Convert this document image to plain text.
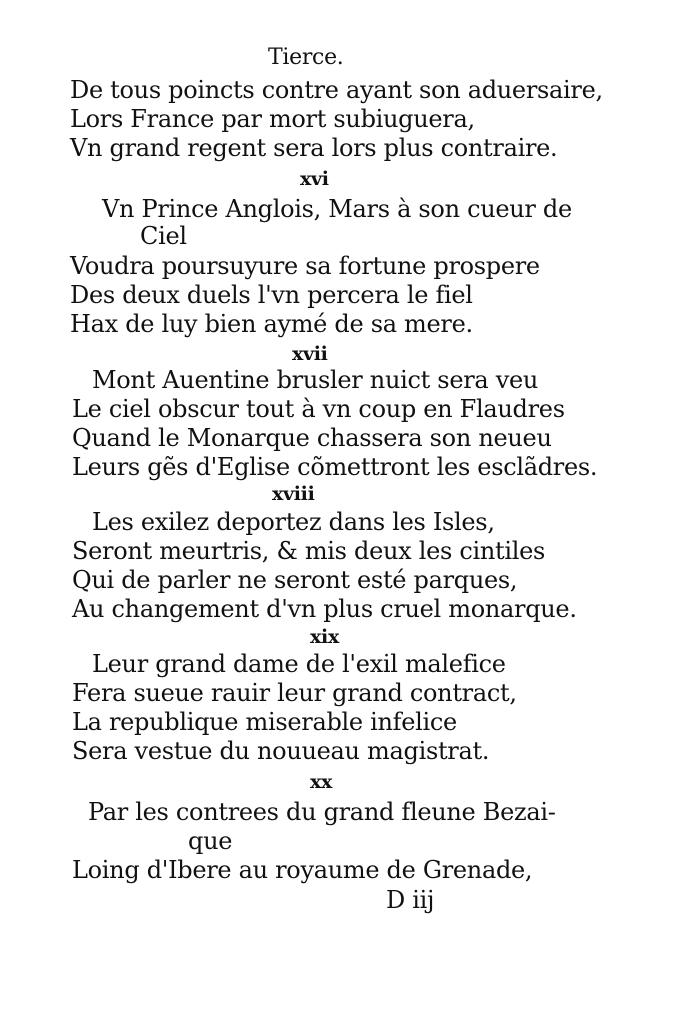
Tierce.
De tous poincts contre ayant son aduersaire,
Lors France par mort subiuguera,
Vn grand regent sera lors plus contraire.
xvi
Vn Prince Anglois, Mars à son cueur de
Ciel
Voudra poursuyure sa fortune prospere
Des deux duels l'vn percera le fiel
Hax de luy bien aymé de sa mere.
xvii
Mont Auentine brusler nuict sera veu
Le ciel obscur tout à vn coup en Flaudres
Quand le Monarque chassera son neueu
Leurs gẽs d'Eglise cõmettront les esclãdres.
xviii
Les exilez deportez dans les Isles,
Seront meurtris, & mis deux les cintiles
Qui de parler ne seront esté parques,
Au changement d'vn plus cruel monarque.
xix
Leur grand dame de l'exil malefice
Fera sueue rauir leur grand contract,
La republique miserable infelice
Sera vestue du nouueau magistrat.
xx
Par les contrees du grand fleune Bezai-
que
Loing d'Ibere au royaume de Grenade,
D iij
